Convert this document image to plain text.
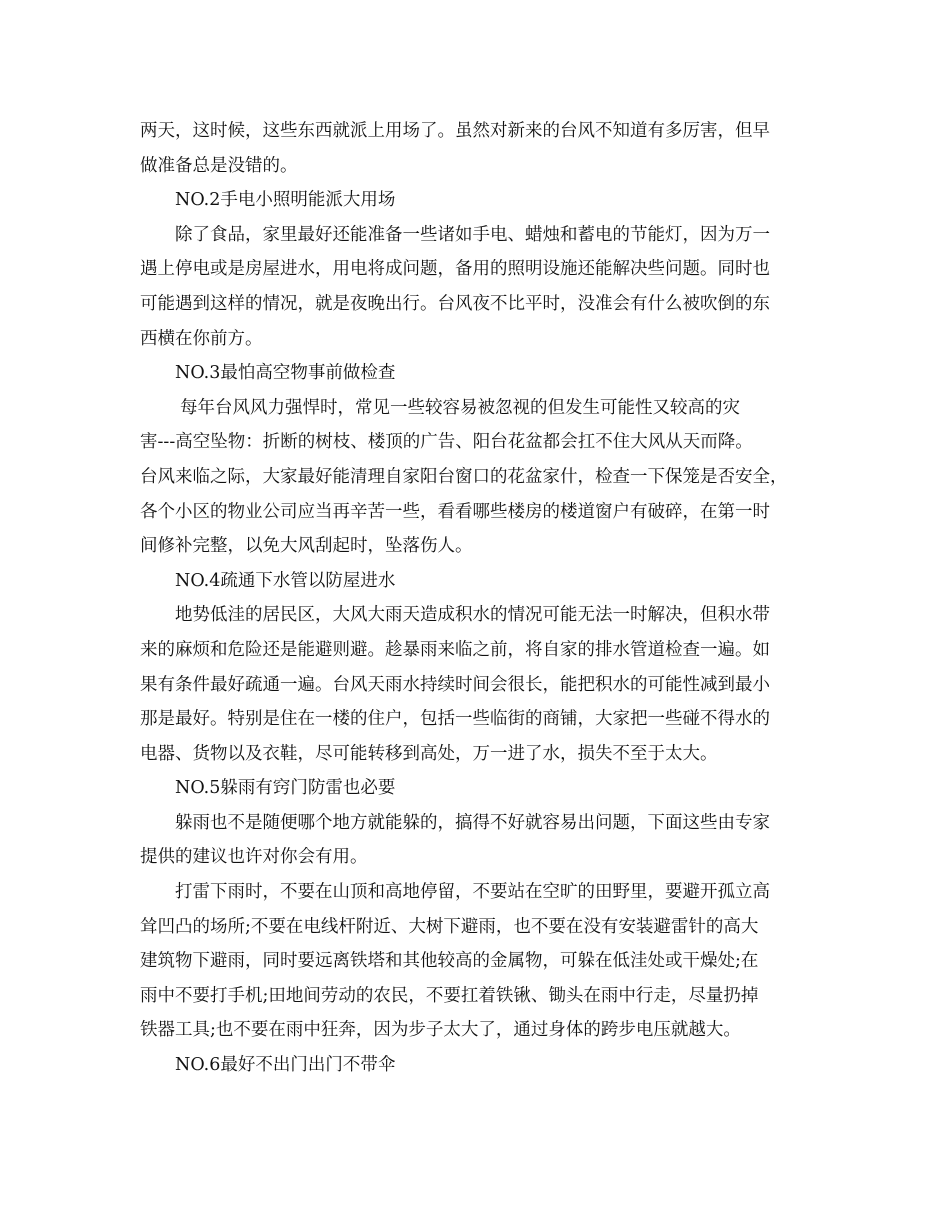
两天，这时候，这些东西就派上用场了。虽然对新来的台风不知道有多厉害，但早
做准备总是没错的。
NO.2手电小照明能派大用场
除了食品，家里最好还能准备一些诸如手电、蜡烛和蓄电的节能灯，因为万一
遇上停电或是房屋进水，用电将成问题，备用的照明设施还能解决些问题。同时也
可能遇到这样的情况，就是夜晚出行。台风夜不比平时，没准会有什么被吹倒的东
西横在你前方。
NO.3最怕高空物事前做检查
每年台风风力强悍时，常见一些较容易被忽视的但发生可能性又较高的灾
害---高空坠物：折断的树枝、楼顶的广告、阳台花盆都会扛不住大风从天而降。
台风来临之际，大家最好能清理自家阳台窗口的花盆家什，检查一下保笼是否安全，
各个小区的物业公司应当再辛苦一些，看看哪些楼房的楼道窗户有破碎，在第一时
间修补完整，以免大风刮起时，坠落伤人。
NO.4疏通下水管以防屋进水
地势低洼的居民区，大风大雨天造成积水的情况可能无法一时解决，但积水带
来的麻烦和危险还是能避则避。趁暴雨来临之前，将自家的排水管道检查一遍。如
果有条件最好疏通一遍。台风天雨水持续时间会很长，能把积水的可能性减到最小
那是最好。特别是住在一楼的住户，包括一些临街的商铺，大家把一些碰不得水的
电器、货物以及衣鞋，尽可能转移到高处，万一进了水，损失不至于太大。
NO.5躲雨有窍门防雷也必要
躲雨也不是随便哪个地方就能躲的，搞得不好就容易出问题，下面这些由专家
提供的建议也许对你会有用。
打雷下雨时，不要在山顶和高地停留，不要站在空旷的田野里，要避开孤立高
耸凹凸的场所;不要在电线杆附近、大树下避雨，也不要在没有安装避雷针的高大
建筑物下避雨，同时要远离铁塔和其他较高的金属物，可躲在低洼处或干燥处;在
雨中不要打手机;田地间劳动的农民，不要扛着铁锹、锄头在雨中行走，尽量扔掉
铁器工具;也不要在雨中狂奔，因为步子太大了，通过身体的跨步电压就越大。
NO.6最好不出门出门不带伞
